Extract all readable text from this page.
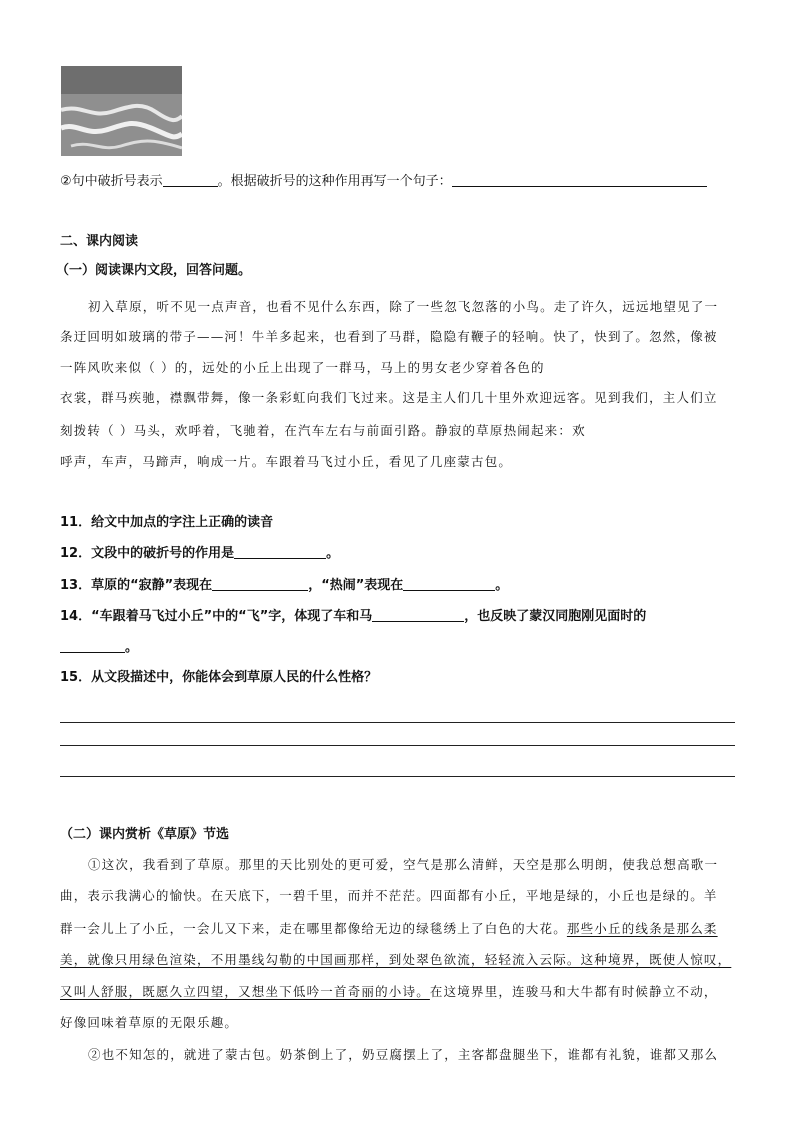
②句中破折号表示	。根据破折号的这种作用再写一个句子：
二、课内阅读
（一）阅读课内文段，回答问题。
初入草原，听不见一点声音，也看不见什么东西，除了一些忽飞忽落的小鸟。走了许久，远远地望见了一
条迂回明如玻璃的带子——河！牛羊多起来，也看到了马群，隐隐有鞭子的轻响。快了，快到了。忽然，像被
一阵风吹来似（ ）的，远处的小丘上出现了一群马，马上的男女老少穿着各色的
衣裳，群马疾驰，襟飘带舞，像一条彩虹向我们飞过来。这是主人们几十里外欢迎远客。见到我们，主人们立
刻拨转（ ）马头，欢呼着，飞驰着，在汽车左右与前面引路。静寂的草原热闹起来：欢
呼声，车声，马蹄声，响成一片。车跟着马飞过小丘，看见了几座蒙古包。
11．给文中加点的字注上正确的读音
12．文段中的破折号的作用是	。
13．草原的“寂静”表现在	，“热闹”表现在	。
14．“车跟着马飞过小丘”中的“飞”字，体现了车和马	，也反映了蒙汉同胞刚见面时的
。
15．从文段描述中，你能体会到草原人民的什么性格？
（二）课内赏析《草原》节选
①这次，我看到了草原。那里的天比别处的更可爱，空气是那么清鲜，天空是那么明朗，使我总想高歌一
曲，表示我满心的愉快。在天底下，一碧千里，而并不茫茫。四面都有小丘，平地是绿的，小丘也是绿的。羊
群一会儿上了小丘，一会儿又下来，走在哪里都像给无边的绿毯绣上了白色的大花。那些小丘的线条是那么柔
美，就像只用绿色渲染，不用墨线勾勒的中国画那样，到处翠色欲流，轻轻流入云际。这种境界，既使人惊叹，
又叫人舒服，既愿久立四望，又想坐下低吟一首奇丽的小诗。在这境界里，连骏马和大牛都有时候静立不动，
好像回味着草原的无限乐趣。
②也不知怎的，就进了蒙古包。奶茶倒上了，奶豆腐摆上了，主客都盘腿坐下，谁都有礼貌，谁都又那么
